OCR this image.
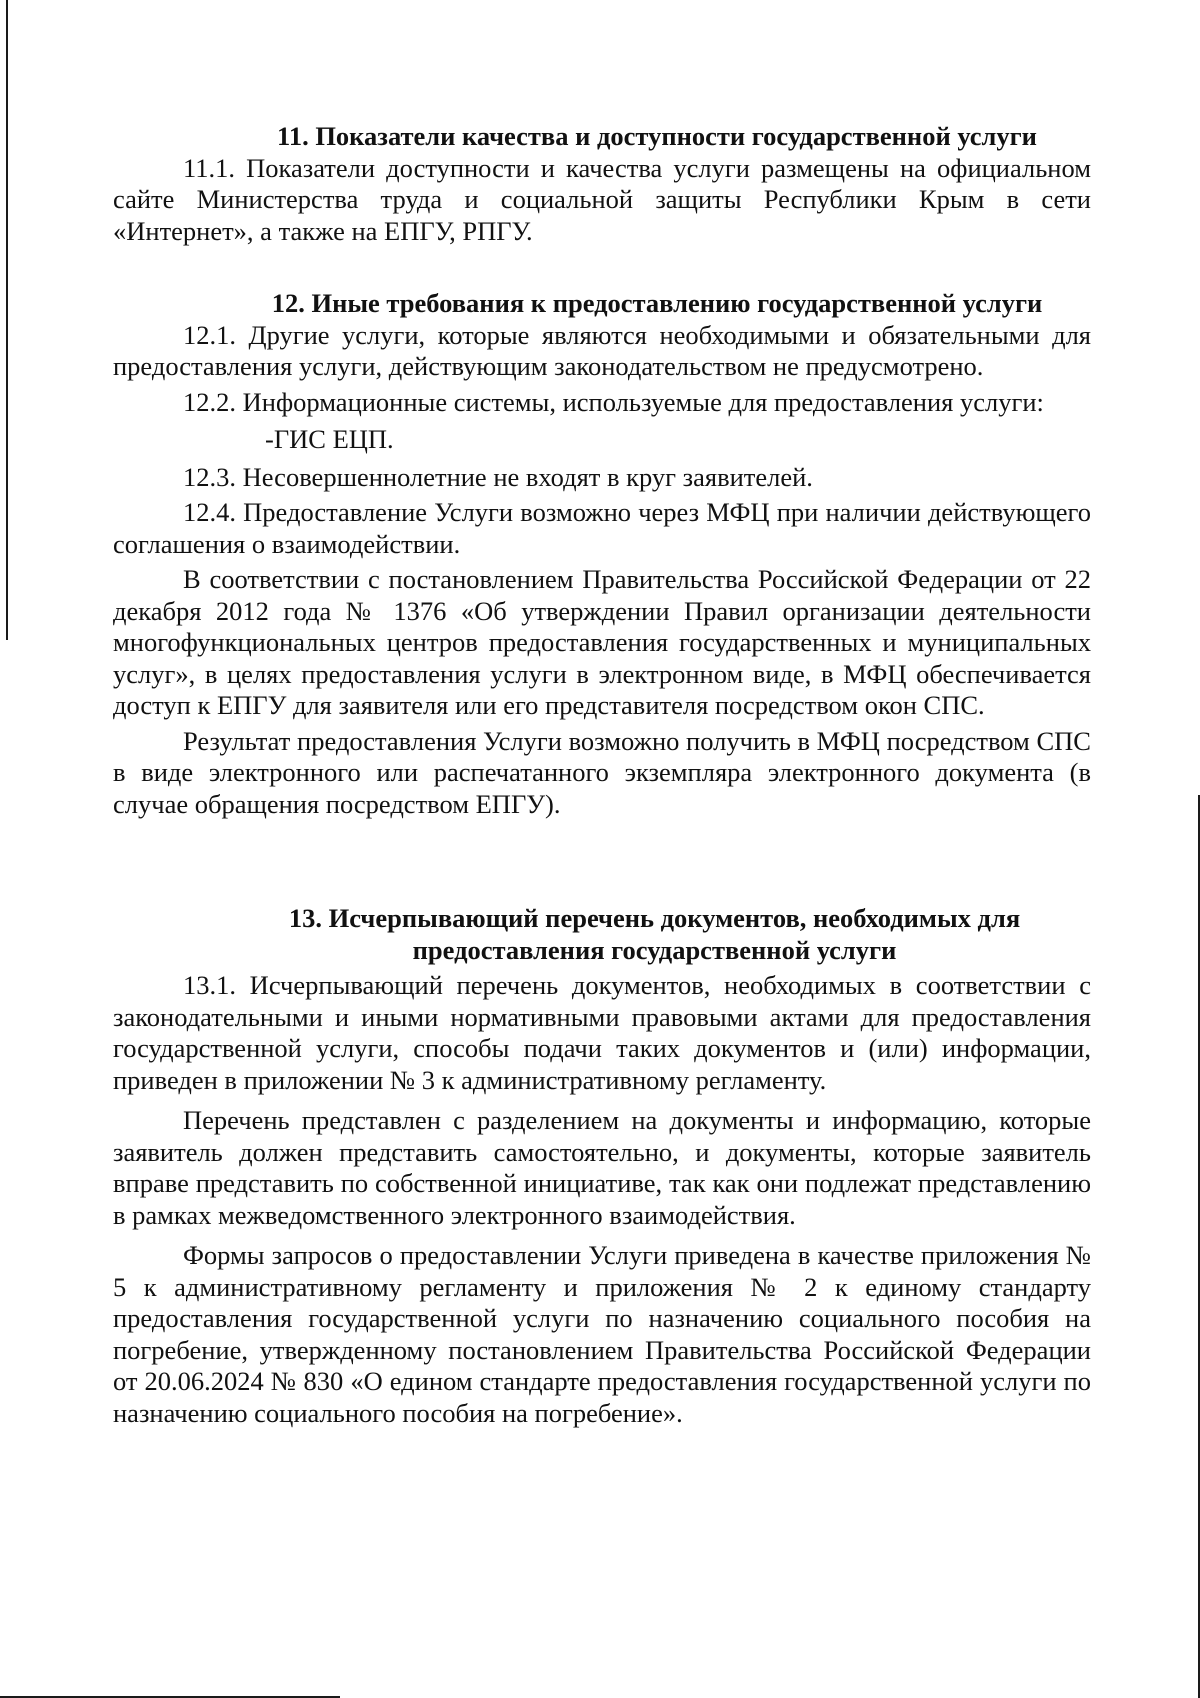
11. Показатели качества и доступности государственной услуги

11.1. Показатели доступности и качества услуги размещены на официальном сайте Министерства труда и социальной защиты Республики Крым в сети «Интернет», а также на ЕПГУ, РПГУ.

12. Иные требования к предоставлению государственной услуги

12.1. Другие услуги, которые являются необходимыми и обязательными для предоставления услуги, действующим законодательством не предусмотрено.

12.2. Информационные системы, используемые для предоставления услуги:

-ГИС ЕЦП.

12.3. Несовершеннолетние не входят в круг заявителей.

12.4. Предоставление Услуги возможно через МФЦ при наличии действующего соглашения о взаимодействии.

В соответствии с постановлением Правительства Российской Федерации от 22 декабря 2012 года № 1376 «Об утверждении Правил организации деятельности многофункциональных центров предоставления государственных и муниципальных услуг», в целях предоставления услуги в электронном виде, в МФЦ обеспечивается доступ к ЕПГУ для заявителя или его представителя посредством окон СПС.

Результат предоставления Услуги возможно получить в МФЦ посредством СПС в виде электронного или распечатанного экземпляра электронного документа (в случае обращения посредством ЕПГУ).

13. Исчерпывающий перечень документов, необходимых для
предоставления государственной услуги

13.1. Исчерпывающий перечень документов, необходимых в соответствии с законодательными и иными нормативными правовыми актами для предоставления государственной услуги, способы подачи таких документов и (или) информации, приведен в приложении № 3 к административному регламенту.

Перечень представлен с разделением на документы и информацию, которые заявитель должен представить самостоятельно, и документы, которые заявитель вправе представить по собственной инициативе, так как они подлежат представлению в рамках межведомственного электронного взаимодействия.

Формы запросов о предоставлении Услуги приведена в качестве приложения № 5 к административному регламенту и приложения № 2 к единому стандарту предоставления государственной услуги по назначению социального пособия на погребение, утвержденному постановлением Правительства Российской Федерации от 20.06.2024 № 830 «О едином стандарте предоставления государственной услуги по назначению социального пособия на погребение».
